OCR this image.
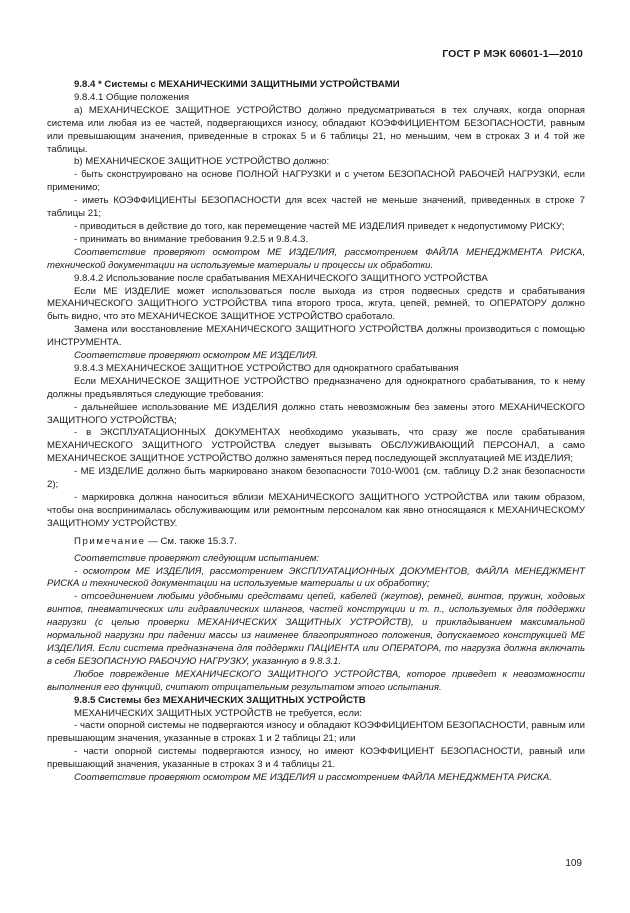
ГОСТ Р МЭК 60601-1—2010

9.8.4 * Системы с МЕХАНИЧЕСКИМИ ЗАЩИТНЫМИ УСТРОЙСТВАМИ

9.8.4.1 Общие положения

а) МЕХАНИЧЕСКОЕ ЗАЩИТНОЕ УСТРОЙСТВО должно предусматриваться в тех случаях, когда опорная система или любая из ее частей, подвергающихся износу, обладают КОЭФФИЦИЕНТОМ БЕЗОПАСНОСТИ, равным или превышающим значения, приведенные в строках 5 и 6 таблицы 21, но меньшим, чем в строках 3 и 4 той же таблицы.

b) МЕХАНИЧЕСКОЕ ЗАЩИТНОЕ УСТРОЙСТВО должно:

- быть сконструировано на основе ПОЛНОЙ НАГРУЗКИ и с учетом БЕЗОПАСНОЙ РАБОЧЕЙ НАГРУЗКИ, если применимо;

- иметь КОЭФФИЦИЕНТЫ БЕЗОПАСНОСТИ для всех частей не меньше значений, приведенных в строке 7 таблицы 21;

- приводиться в действие до того, как перемещение частей МЕ ИЗДЕЛИЯ приведет к недопустимому РИСКУ;

- принимать во внимание требования 9.2.5 и 9.8.4.3.

Соответствие проверяют осмотром МЕ ИЗДЕЛИЯ, рассмотрением ФАЙЛА МЕНЕДЖМЕНТА РИСКА, технической документации на используемые материалы и процессы их обработки.

9.8.4.2 Использование после срабатывания МЕХАНИЧЕСКОГО ЗАЩИТНОГО УСТРОЙСТВА

Если МЕ ИЗДЕЛИЕ может использоваться после выхода из строя подвесных средств и срабатывания МЕХАНИЧЕСКОГО ЗАЩИТНОГО УСТРОЙСТВА типа второго троса, жгута, цепей, ремней, то ОПЕРАТОРУ должно быть видно, что это МЕХАНИЧЕСКОЕ ЗАЩИТНОЕ УСТРОЙСТВО сработало.

Замена или восстановление МЕХАНИЧЕСКОГО ЗАЩИТНОГО УСТРОЙСТВА должны производиться с помощью ИНСТРУМЕНТА.

Соответствие проверяют осмотром МЕ ИЗДЕЛИЯ.

9.8.4.3 МЕХАНИЧЕСКОЕ ЗАЩИТНОЕ УСТРОЙСТВО для однократного срабатывания

Если МЕХАНИЧЕСКОЕ ЗАЩИТНОЕ УСТРОЙСТВО предназначено для однократного срабатывания, то к нему должны предъявляться следующие требования:

- дальнейшее использование МЕ ИЗДЕЛИЯ должно стать невозможным без замены этого МЕХАНИЧЕСКОГО ЗАЩИТНОГО УСТРОЙСТВА;

- в ЭКСПЛУАТАЦИОННЫХ ДОКУМЕНТАХ необходимо указывать, что сразу же после срабатывания МЕХАНИЧЕСКОГО ЗАЩИТНОГО УСТРОЙСТВА следует вызывать ОБСЛУЖИВАЮЩИЙ ПЕРСОНАЛ, а само МЕХАНИЧЕСКОЕ ЗАЩИТНОЕ УСТРОЙСТВО должно заменяться перед последующей эксплуатацией МЕ ИЗДЕЛИЯ;

- МЕ ИЗДЕЛИЕ должно быть маркировано знаком безопасности 7010-W001 (см. таблицу D.2 знак безопасности 2);

- маркировка должна наноситься вблизи МЕХАНИЧЕСКОГО ЗАЩИТНОГО УСТРОЙСТВА или таким образом, чтобы она воспринималась обслуживающим или ремонтным персоналом как явно относящаяся к МЕХАНИЧЕСКОМУ ЗАЩИТНОМУ УСТРОЙСТВУ.

Примечание — См. также 15.3.7.

Соответствие проверяют следующим испытанием:

- осмотром МЕ ИЗДЕЛИЯ, рассмотрением ЭКСПЛУАТАЦИОННЫХ ДОКУМЕНТОВ, ФАЙЛА МЕНЕДЖМЕНТ РИСКА и технической документации на используемые материалы и их обработку;

- отсоединением любыми удобными средствами цепей, кабелей (жгутов), ремней, винтов, пружин, ходовых винтов, пневматических или гидравлических шлангов, частей конструкции и т. п., используемых для поддержки нагрузки (с целью проверки МЕХАНИЧЕСКИХ ЗАЩИТНЫХ УСТРОЙСТВ), и прикладыванием максимальной нормальной нагрузки при падении массы из наименее благоприятного положения, допускаемого конструкцией МЕ ИЗДЕЛИЯ. Если система предназначена для поддержки ПАЦИЕНТА или ОПЕРАТОРА, то нагрузка должна включать в себя БЕЗОПАСНУЮ РАБОЧУЮ НАГРУЗКУ, указанную в 9.8.3.1.

Любое повреждение МЕХАНИЧЕСКОГО ЗАЩИТНОГО УСТРОЙСТВА, которое приведет к невозможности выполнения его функций, считают отрицательным результатом этого испытания.

9.8.5 Системы без МЕХАНИЧЕСКИХ ЗАЩИТНЫХ УСТРОЙСТВ

МЕХАНИЧЕСКИХ ЗАЩИТНЫХ УСТРОЙСТВ не требуется, если:

- части опорной системы не подвергаются износу и обладают КОЭФФИЦИЕНТОМ БЕЗОПАСНОСТИ, равным или превышающим значения, указанные в строках 1 и 2 таблицы 21; или

- части опорной системы подвергаются износу, но имеют КОЭФФИЦИЕНТ БЕЗОПАСНОСТИ, равный или превышающий значения, указанные в строках 3 и 4 таблицы 21.

Соответствие проверяют осмотром МЕ ИЗДЕЛИЯ и рассмотрением ФАЙЛА МЕНЕДЖМЕНТА РИСКА.

109
